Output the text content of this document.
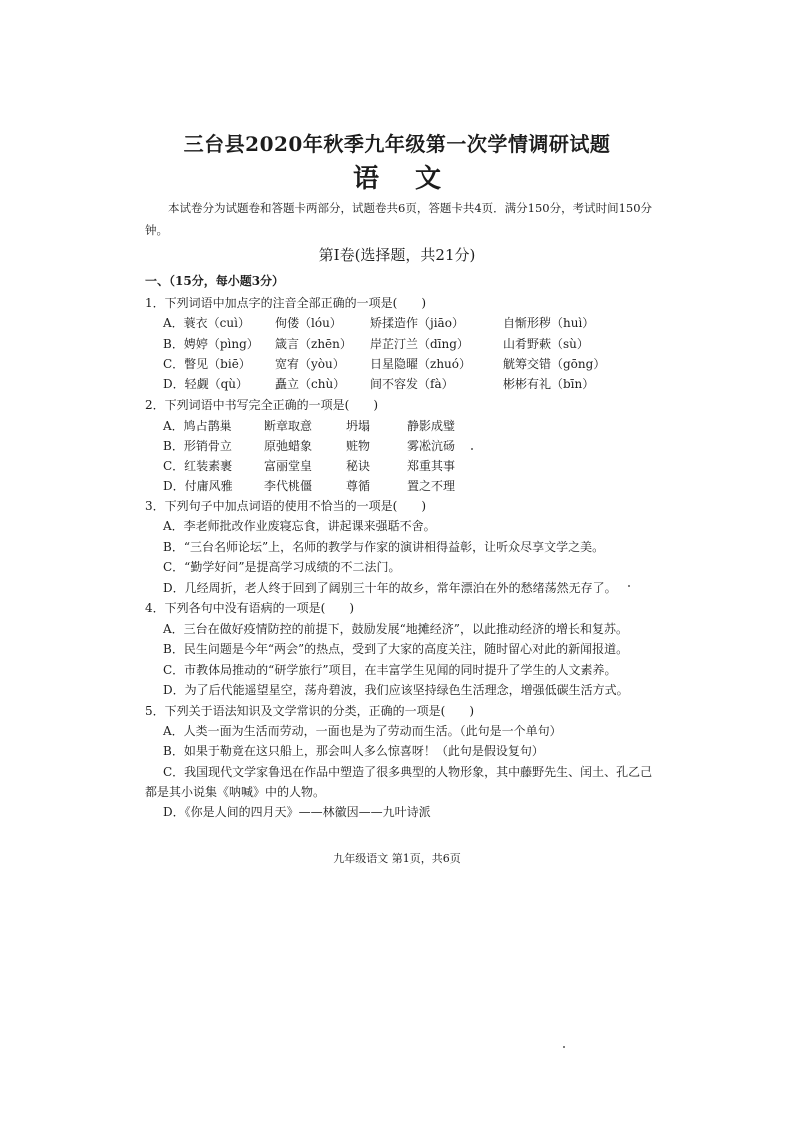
三台县2020年秋季九年级第一次学情调研试题
语文
本试卷分为试题卷和答题卡两部分，试题卷共6页，答题卡共4页．满分150分，考试时间150分钟。
第Ⅰ卷(选择题，共21分)
一、（15分，每小题3分）
1．下列词语中加点字的注音全部正确的一项是(　　)
A．蓑衣（cuì） 佝偻（lóu） 矫揉造作（jiāo）	自惭形秽（huì）
B．娉婷（pìng） 箴言（zhēn） 岸芷汀兰（dīng）	山肴野蔌（sù）
C．瞥见（biē） 宽宥（yòu） 日星隐曜（zhuó）	觥筹交错（gōng）
D．轻觑（qù） 矗立（chù） 间不容发（fà）	彬彬有礼（bīn）
2．下列词语中书写完全正确的一项是(　　)
A．鸠占鹊巢	断章取意	坍塌	静影成璧
B．形销骨立	原弛蜡象	赃物	雾凇沆砀
C．红装素裹	富丽堂皇	秘诀	郑重其事
D．付庸风雅	李代桃僵	尊循	置之不理
3．下列句子中加点词语的使用不恰当的一项是(　　)
A．李老师批改作业废寝忘食，讲起课来强聒不舍。
B．“三台名师论坛”上，名师的教学与作家的演讲相得益彰，让听众尽享文学之美。
C．“勤学好问”是提高学习成绩的不二法门。
D．几经周折，老人终于回到了阔别三十年的故乡，常年漂泊在外的愁绪荡然无存了。
4．下列各句中没有语病的一项是(　　)
A．三台在做好疫情防控的前提下，鼓励发展“地摊经济”，以此推动经济的增长和复苏。
B．民生问题是今年“两会”的热点，受到了大家的高度关注，随时留心对此的新闻报道。
C．市教体局推动的“研学旅行”项目，在丰富学生见闻的同时提升了学生的人文素养。
D．为了后代能遥望星空，荡舟碧波，我们应该坚持绿色生活理念，增强低碳生活方式。
5．下列关于语法知识及文学常识的分类，正确的一项是(　　)
A．人类一面为生活而劳动，一面也是为了劳动而生活。（此句是一个单句）
B．如果于勒竟在这只船上，那会叫人多么惊喜呀！（此句是假设复句）
C．我国现代文学家鲁迅在作品中塑造了很多典型的人物形象，其中藤野先生、闰土、孔乙己
都是其小说集《呐喊》中的人物。
D．《你是人间的四月天》——林徽因——九叶诗派
九年级语文 第1页，共6页
